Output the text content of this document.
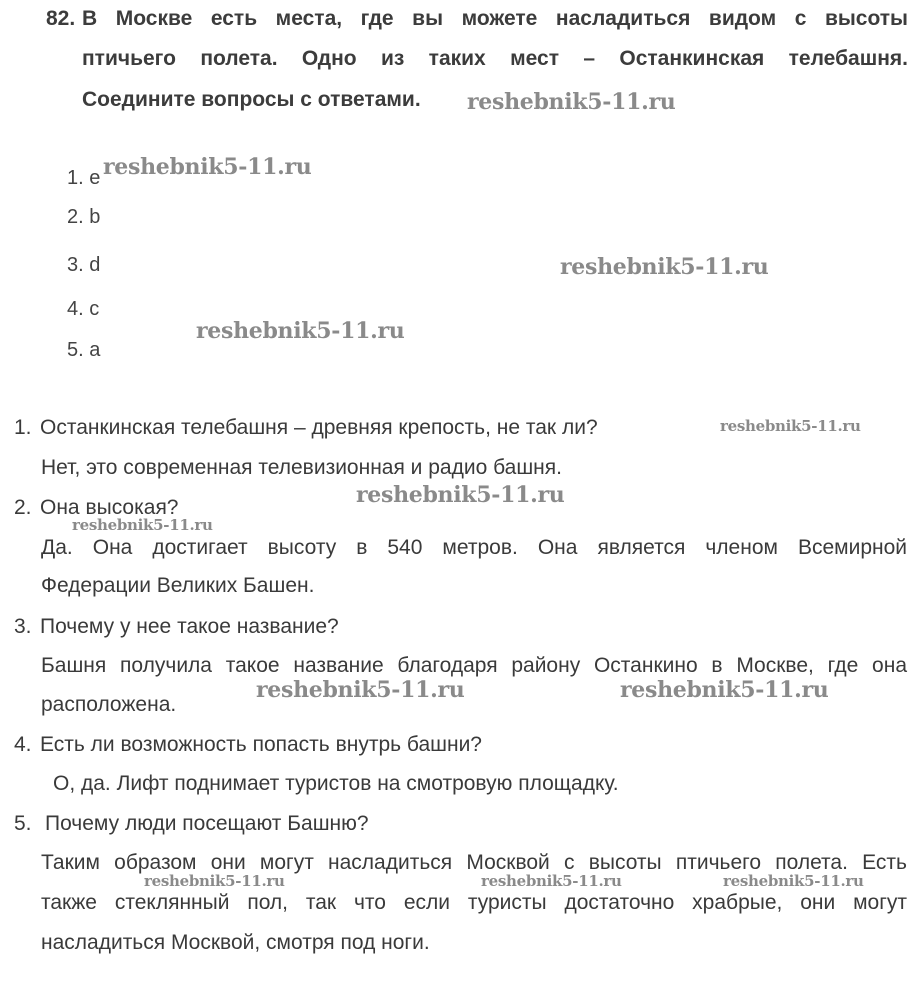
82. В Москве есть места, где вы можете насладиться видом с высоты
птичьего полета. Одно из таких мест – Останкинская телебашня.
Соедините вопросы с ответами.
1. e
2. b
3. d
4. c
5. a
1. Останкинская телебашня – древняя крепость, не так ли?
Нет, это современная телевизионная и радио башня.
2. Она высокая?
Да. Она достигает высоту в 540 метров. Она является членом Всемирной
Федерации Великих Башен.
3. Почему у нее такое название?
Башня получила такое название благодаря району Останкино в Москве, где она
расположена.
4. Есть ли возможность попасть внутрь башни?
О, да. Лифт поднимает туристов на смотровую площадку.
5. Почему люди посещают Башню?
Таким образом они могут насладиться Москвой с высоты птичьего полета. Есть
также стеклянный пол, так что если туристы достаточно храбрые, они могут
насладиться Москвой, смотря под ноги.
reshebnik5-11.ru
reshebnik5-11.ru
reshebnik5-11.ru
reshebnik5-11.ru
reshebnik5-11.ru
reshebnik5-11.ru
reshebnik5-11.ru
reshebnik5-11.ru	reshebnik5-11.ru
reshebnik5-11.ru	reshebnik5-11.ru	reshebnik5-11.ru
